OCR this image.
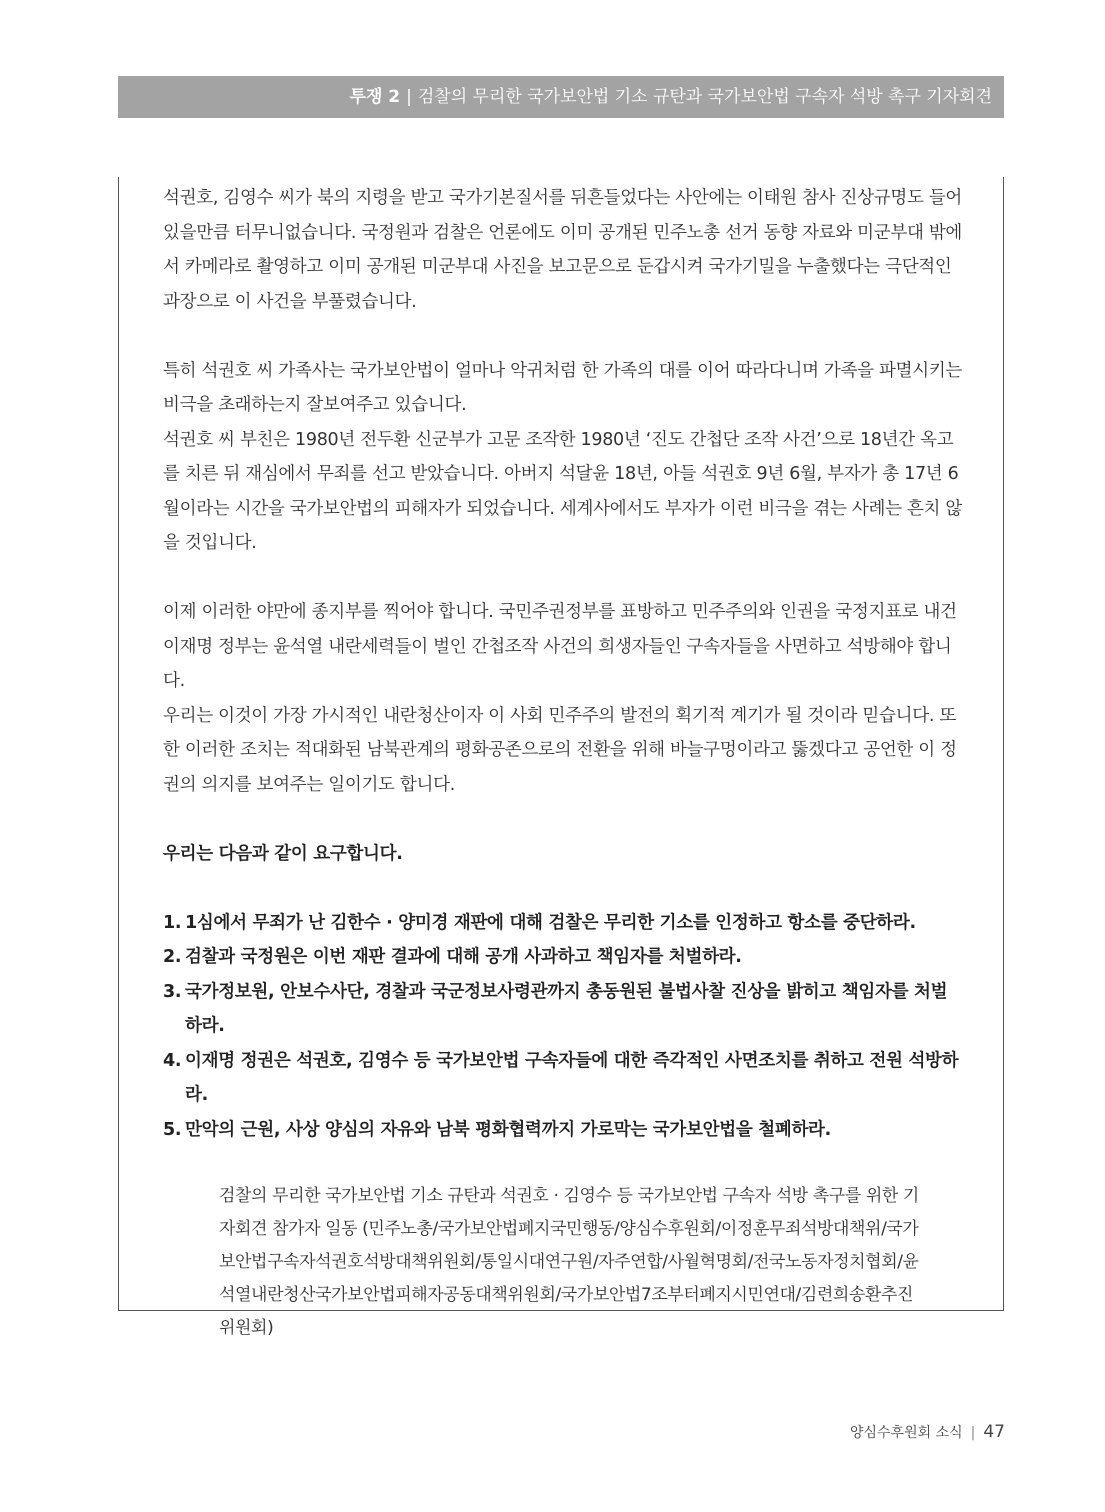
투쟁 2 | 검찰의 무리한 국가보안법 기소 규탄과 국가보안법 구속자 석방 촉구 기자회견

석권호, 김영수 씨가 북의 지령을 받고 국가기본질서를 뒤흔들었다는 사안에는 이태원 참사 진상규명도 들어 있을만큼 터무니없습니다. 국정원과 검찰은 언론에도 이미 공개된 민주노총 선거 동향 자료와 미군부대 밖에서 카메라로 촬영하고 이미 공개된 미군부대 사진을 보고문으로 둔갑시켜 국가기밀을 누출했다는 극단적인 과장으로 이 사건을 부풀렸습니다.

특히 석권호 씨 가족사는 국가보안법이 얼마나 악귀처럼 한 가족의 대를 이어 따라다니며 가족을 파멸시키는 비극을 초래하는지 잘보여주고 있습니다.

석권호 씨 부친은 1980년 전두환 신군부가 고문 조작한 1980년 ‘진도 간첩단 조작 사건’으로 18년간 옥고를 치른 뒤 재심에서 무죄를 선고 받았습니다. 아버지 석달윤 18년, 아들 석권호 9년 6월, 부자가 총 17년 6월이라는 시간을 국가보안법의 피해자가 되었습니다. 세계사에서도 부자가 이런 비극을 겪는 사례는 흔치 않을 것입니다.

이제 이러한 야만에 종지부를 찍어야 합니다. 국민주권정부를 표방하고 민주주의와 인권을 국정지표로 내건 이재명 정부는 윤석열 내란세력들이 벌인 간첩조작 사건의 희생자들인 구속자들을 사면하고 석방해야 합니다.

우리는 이것이 가장 가시적인 내란청산이자 이 사회 민주주의 발전의 획기적 계기가 될 것이라 믿습니다. 또한 이러한 조치는 적대화된 남북관계의 평화공존으로의 전환을 위해 바늘구멍이라고 뚫겠다고 공언한 이 정권의 의지를 보여주는 일이기도 합니다.

우리는 다음과 같이 요구합니다.

1. 1심에서 무죄가 난 김한수 · 양미경 재판에 대해 검찰은 무리한 기소를 인정하고 항소를 중단하라.
2. 검찰과 국정원은 이번 재판 결과에 대해 공개 사과하고 책임자를 처벌하라.
3. 국가정보원, 안보수사단, 경찰과 국군정보사령관까지 총동원된 불법사찰 진상을 밝히고 책임자를 처벌하라.
4. 이재명 정권은 석권호, 김영수 등 국가보안법 구속자들에 대한 즉각적인 사면조치를 취하고 전원 석방하라.
5. 만악의 근원, 사상 양심의 자유와 남북 평화협력까지 가로막는 국가보안법을 철폐하라.
검찰의 무리한 국가보안법 기소 규탄과 석권호 · 김영수 등 국가보안법 구속자 석방 촉구를 위한 기자회견 참가자 일동 (민주노총/국가보안법폐지국민행동/양심수후원회/이정훈무죄석방대책위/국가보안법구속자석권호석방대책위원회/통일시대연구원/자주연합/사월혁명회/전국노동자정치협회/윤석열내란청산국가보안법피해자공동대책위원회/국가보안법7조부터폐지시민연대/김련희송환추진위원회)
양심수후원회 소식 | 47
